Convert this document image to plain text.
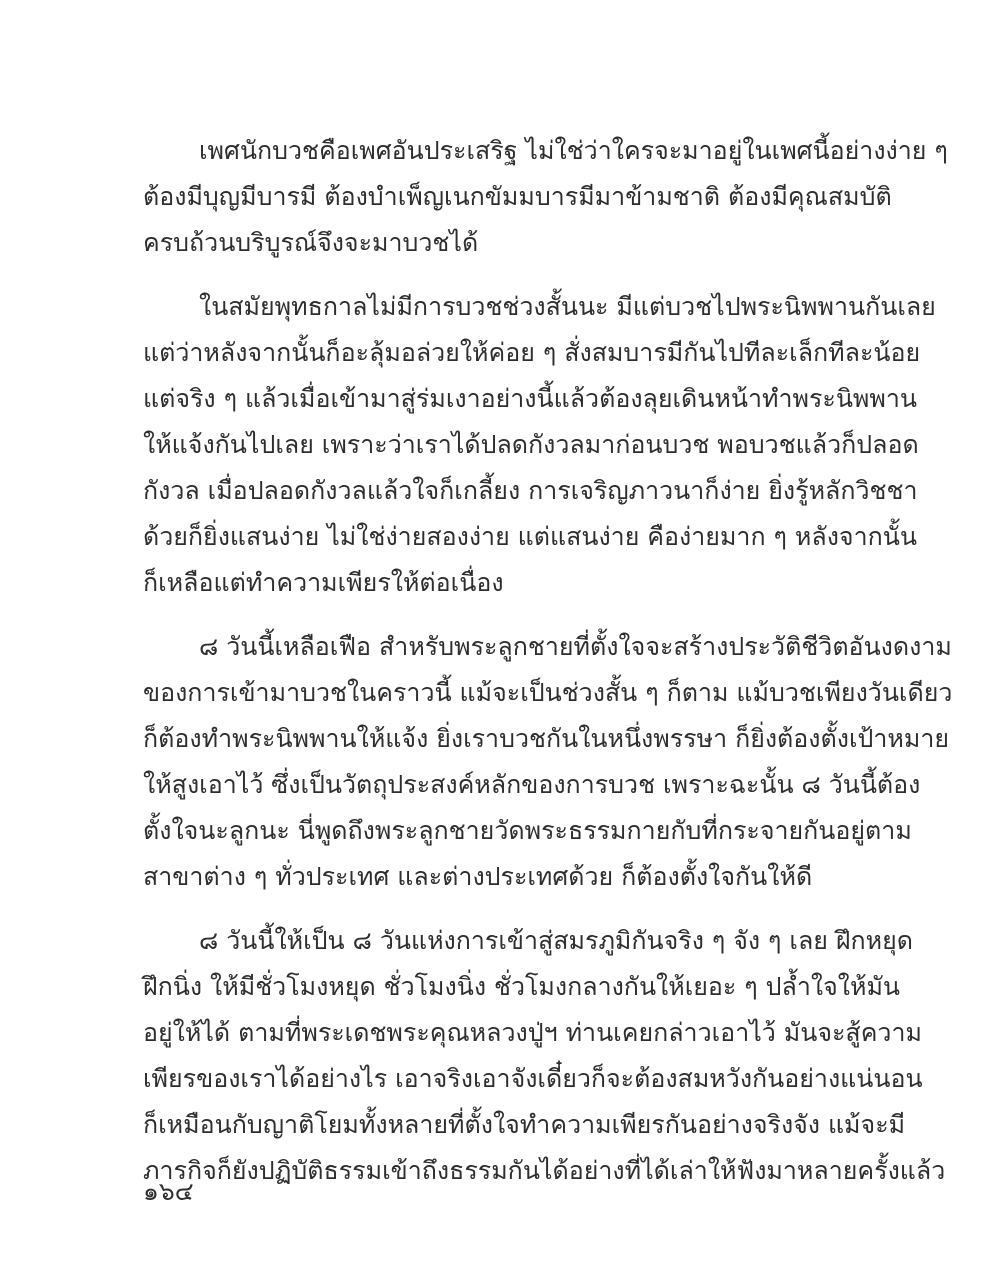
เพศนักบวชคือเพศอันประเสริฐ ไม่ใช่ว่าใครจะมาอยู่ในเพศนี้อย่างง่าย ๆ
ต้องมีบุญมีบารมี ต้องบำเพ็ญเนกขัมมบารมีมาข้ามชาติ ต้องมีคุณสมบัติ
ครบถ้วนบริบูรณ์จึงจะมาบวชได้

ในสมัยพุทธกาลไม่มีการบวชช่วงสั้นนะ มีแต่บวชไปพระนิพพานกันเลย
แต่ว่าหลังจากนั้นก็อะลุ้มอล่วยให้ค่อย ๆ สั่งสมบารมีกันไปทีละเล็กทีละน้อย
แต่จริง ๆ แล้วเมื่อเข้ามาสู่ร่มเงาอย่างนี้แล้วต้องลุยเดินหน้าทำพระนิพพาน
ให้แจ้งกันไปเลย เพราะว่าเราได้ปลดกังวลมาก่อนบวช พอบวชแล้วก็ปลอด
กังวล เมื่อปลอดกังวลแล้วใจก็เกลี้ยง การเจริญภาวนาก็ง่าย ยิ่งรู้หลักวิชชา
ด้วยก็ยิ่งแสนง่าย ไม่ใช่ง่ายสองง่าย แต่แสนง่าย คือง่ายมาก ๆ หลังจากนั้น
ก็เหลือแต่ทำความเพียรให้ต่อเนื่อง

๘ วันนี้เหลือเฟือ สำหรับพระลูกชายที่ตั้งใจจะสร้างประวัติชีวิตอันงดงาม
ของการเข้ามาบวชในคราวนี้ แม้จะเป็นช่วงสั้น ๆ ก็ตาม แม้บวชเพียงวันเดียว
ก็ต้องทำพระนิพพานให้แจ้ง ยิ่งเราบวชกันในหนึ่งพรรษา ก็ยิ่งต้องตั้งเป้าหมาย
ให้สูงเอาไว้ ซึ่งเป็นวัตถุประสงค์หลักของการบวช เพราะฉะนั้น ๘ วันนี้ต้อง
ตั้งใจนะลูกนะ นี่พูดถึงพระลูกชายวัดพระธรรมกายกับที่กระจายกันอยู่ตาม
สาขาต่าง ๆ ทั่วประเทศ และต่างประเทศด้วย ก็ต้องตั้งใจกันให้ดี

๘ วันนี้ให้เป็น ๘ วันแห่งการเข้าสู่สมรภูมิกันจริง ๆ จัง ๆ เลย ฝึกหยุด
ฝึกนิ่ง ให้มีชั่วโมงหยุด ชั่วโมงนิ่ง ชั่วโมงกลางกันให้เยอะ ๆ ปล้ำใจให้มัน
อยู่ให้ได้ ตามที่พระเดชพระคุณหลวงปู่ฯ ท่านเคยกล่าวเอาไว้ มันจะสู้ความ
เพียรของเราได้อย่างไร เอาจริงเอาจังเดี๋ยวก็จะต้องสมหวังกันอย่างแน่นอน
ก็เหมือนกับญาติโยมทั้งหลายที่ตั้งใจทำความเพียรกันอย่างจริงจัง แม้จะมี
ภารกิจก็ยังปฏิบัติธรรมเข้าถึงธรรมกันได้อย่างที่ได้เล่าให้ฟังมาหลายครั้งแล้ว

๑๖๔
